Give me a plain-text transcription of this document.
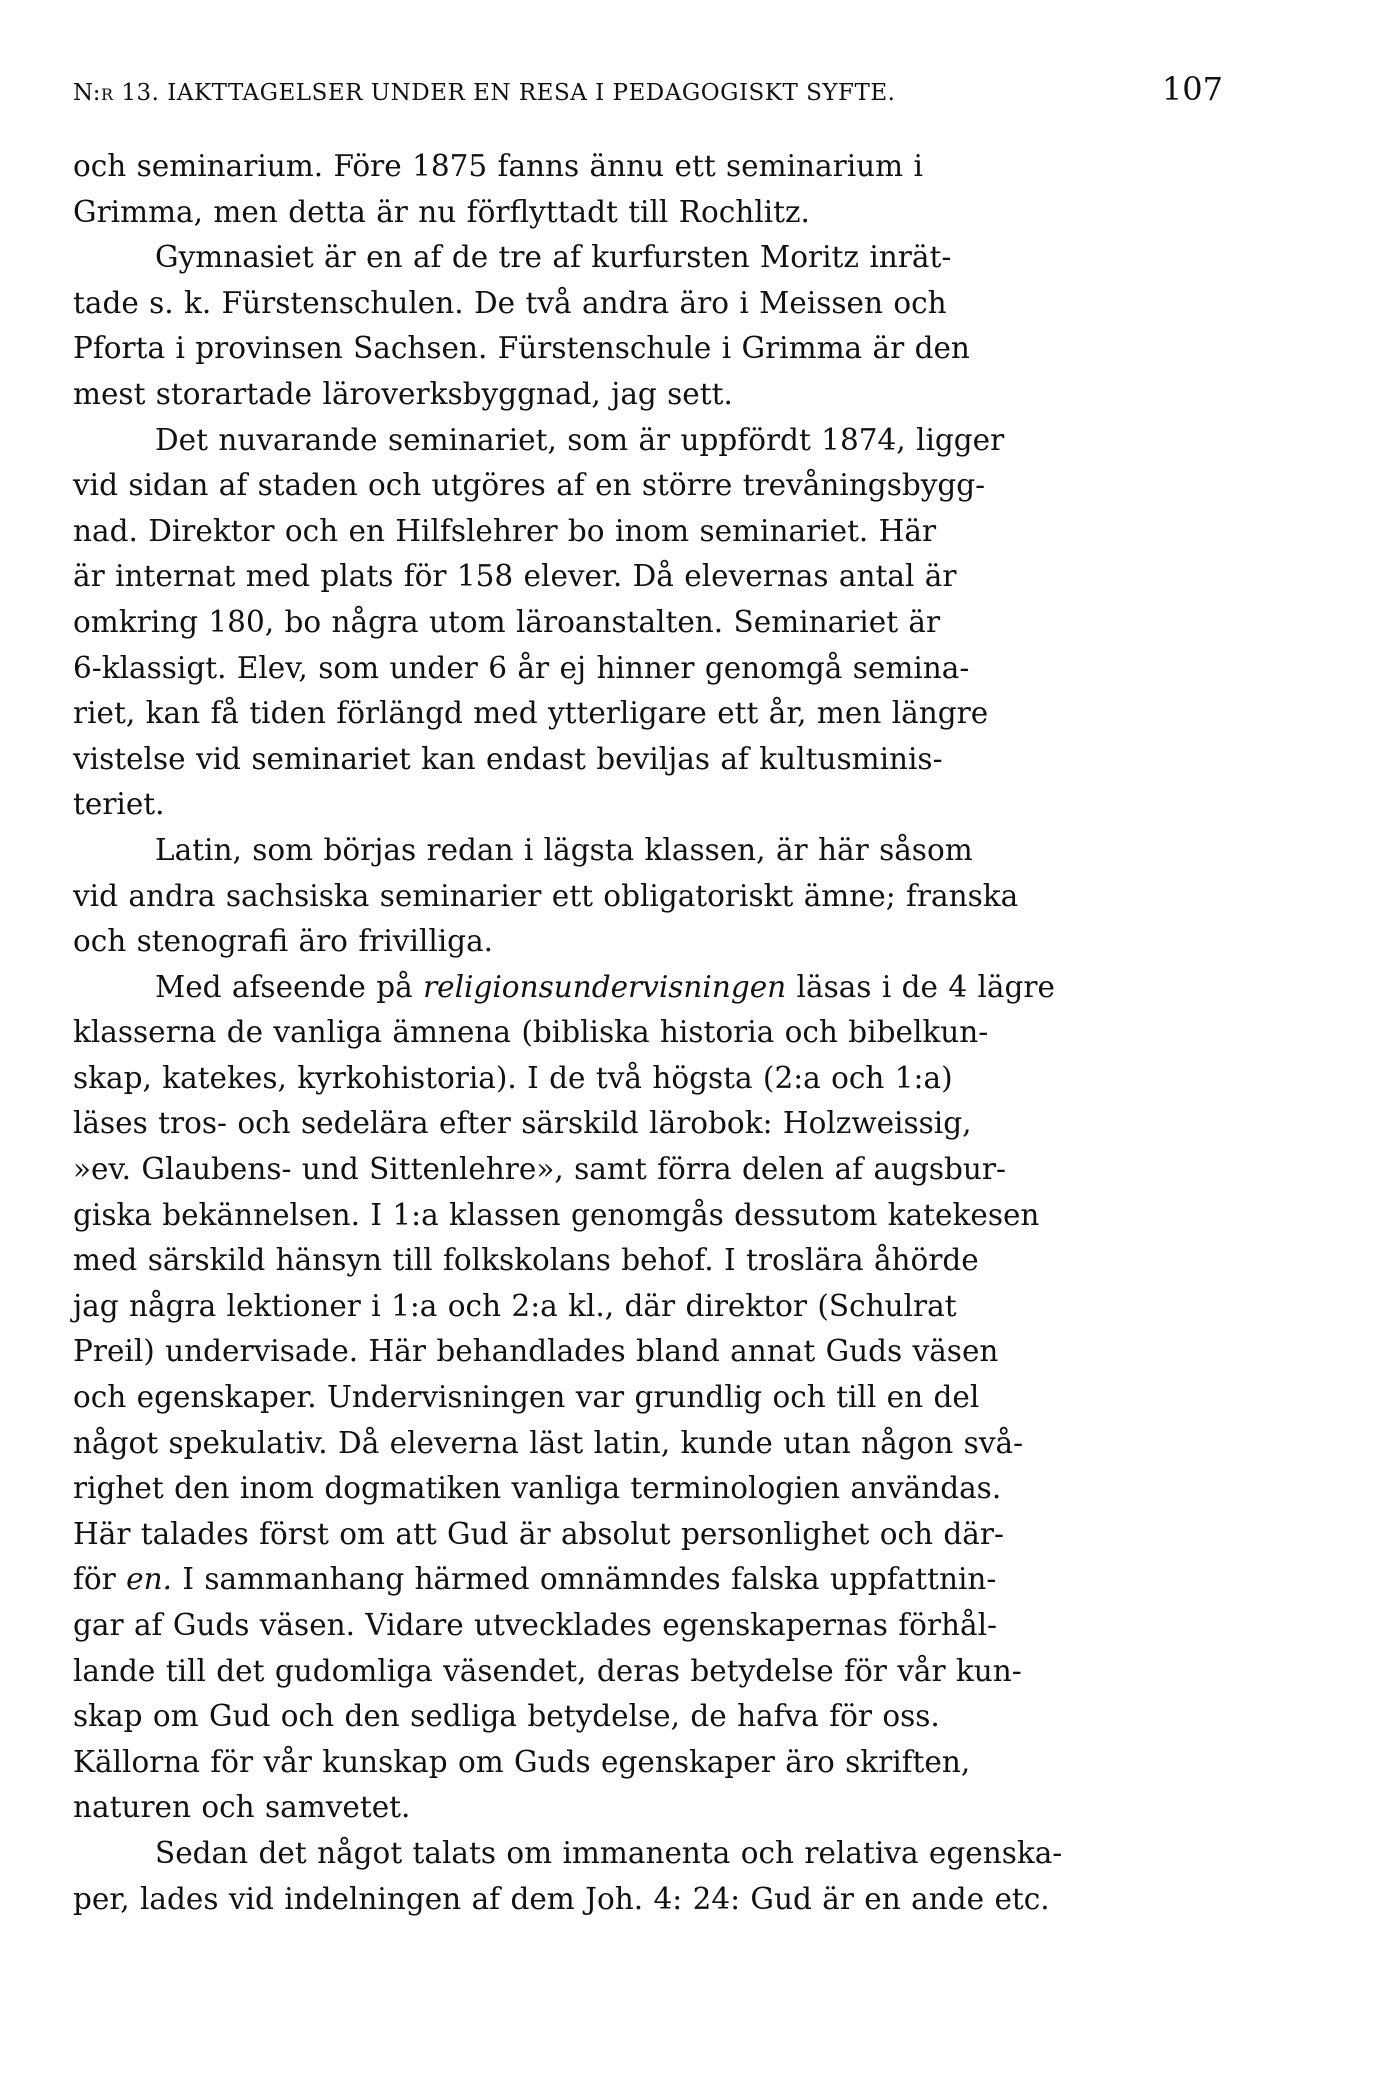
N:r 13. IAKTTAGELSER UNDER EN RESA I PEDAGOGISKT SYFTE.	107

och seminarium. Före 1875 fanns ännu ett seminarium i
Grimma, men detta är nu förflyttadt till Rochlitz.

Gymnasiet är en af de tre af kurfursten Moritz inrät-
tade s. k. Fürstenschulen. De två andra äro i Meissen och
Pforta i provinsen Sachsen. Fürstenschule i Grimma är den
mest storartade läroverksbyggnad, jag sett.

Det nuvarande seminariet, som är uppfördt 1874, ligger
vid sidan af staden och utgöres af en större trevåningsbygg-
nad. Direktor och en Hilfslehrer bo inom seminariet. Här
är internat med plats för 158 elever. Då elevernas antal är
omkring 180, bo några utom läroanstalten. Seminariet är
6-klassigt. Elev, som under 6 år ej hinner genomgå semina-
riet, kan få tiden förlängd med ytterligare ett år, men längre
vistelse vid seminariet kan endast beviljas af kultusminis-
teriet.

Latin, som börjas redan i lägsta klassen, är här såsom
vid andra sachsiska seminarier ett obligatoriskt ämne; franska
och stenografi äro frivilliga.

Med afseende på religionsundervisningen läsas i de 4 lägre
klasserna de vanliga ämnena (bibliska historia och bibelkun-
skap, katekes, kyrkohistoria). I de två högsta (2:a och 1:a)
läses tros- och sedelära efter särskild lärobok: Holzweissig,
»ev. Glaubens- und Sittenlehre», samt förra delen af augsbur-
giska bekännelsen. I 1:a klassen genomgås dessutom katekesen
med särskild hänsyn till folkskolans behof. I troslära åhörde
jag några lektioner i 1:a och 2:a kl., där direktor (Schulrat
Preil) undervisade. Här behandlades bland annat Guds väsen
och egenskaper. Undervisningen var grundlig och till en del
något spekulativ. Då eleverna läst latin, kunde utan någon svå-
righet den inom dogmatiken vanliga terminologien användas.
Här talades först om att Gud är absolut personlighet och där-
för en. I sammanhang härmed omnämndes falska uppfattnin-
gar af Guds väsen. Vidare utvecklades egenskapernas förhål-
lande till det gudomliga väsendet, deras betydelse för vår kun-
skap om Gud och den sedliga betydelse, de hafva för oss.
Källorna för vår kunskap om Guds egenskaper äro skriften,
naturen och samvetet.

Sedan det något talats om immanenta och relativa egenska-
per, lades vid indelningen af dem Joh. 4: 24: Gud är en ande etc.
